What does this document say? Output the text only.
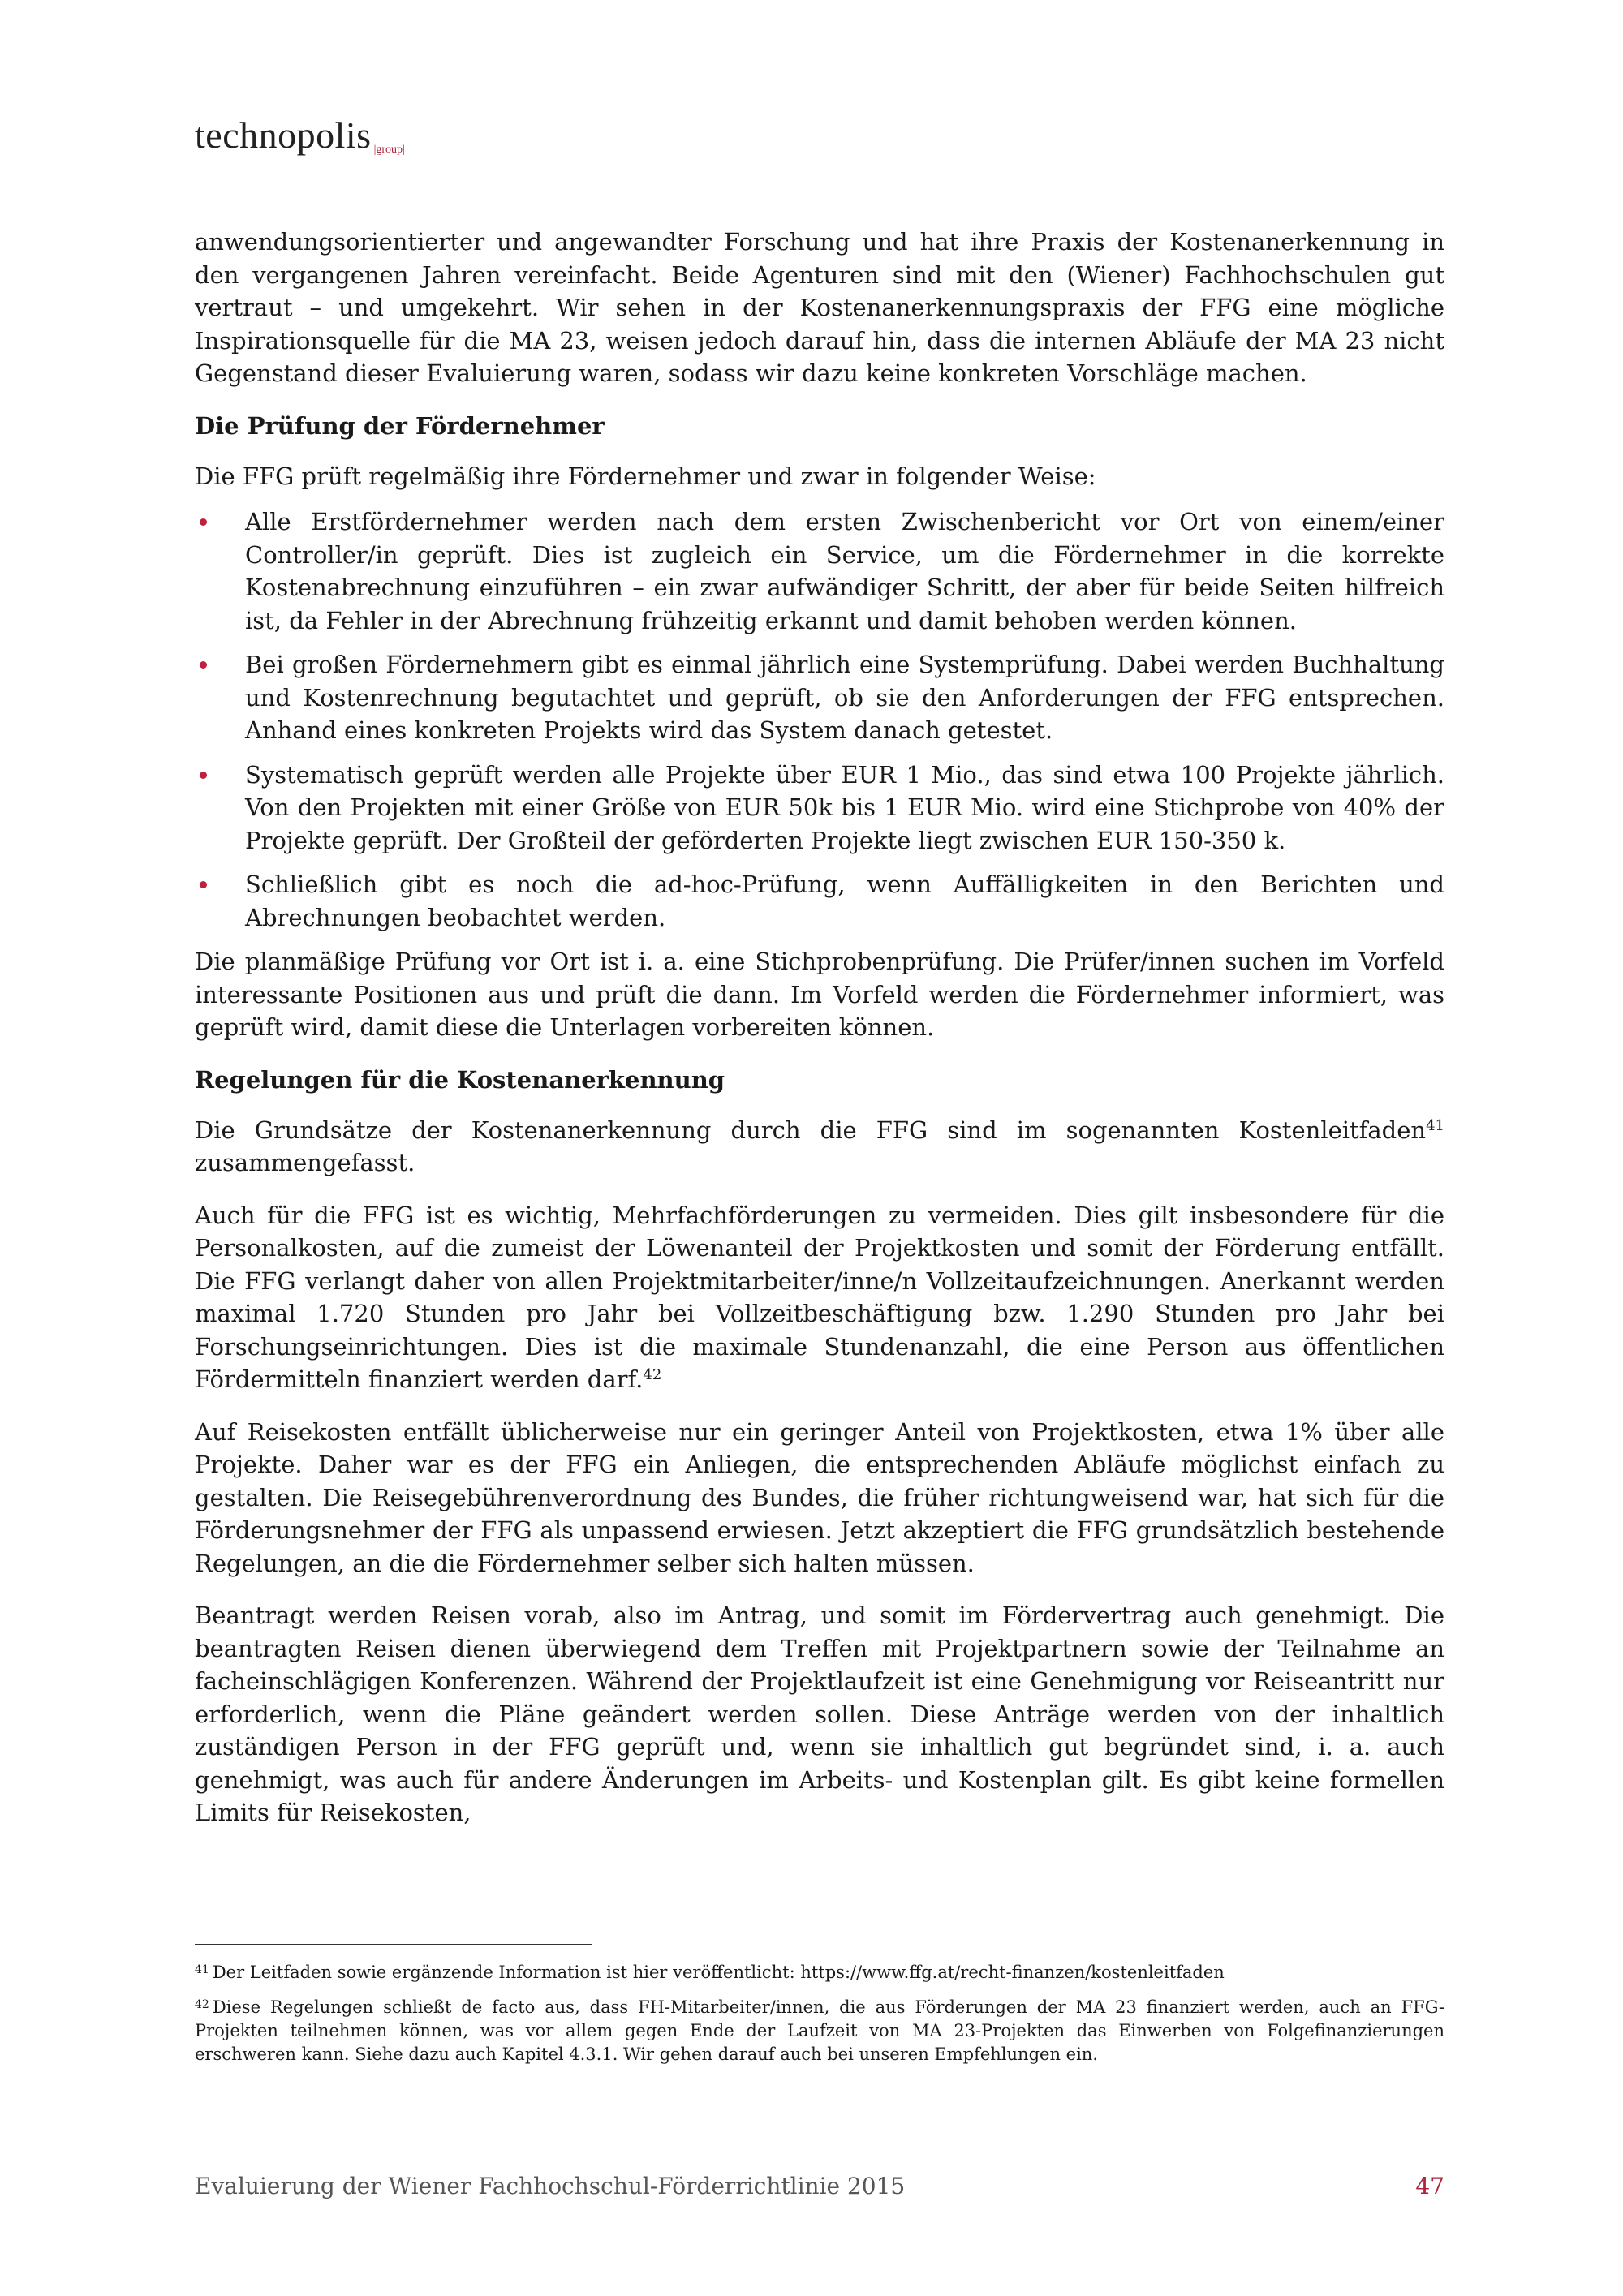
technopolis |group|

anwendungsorientierter und angewandter Forschung und hat ihre Praxis der Kostenanerkennung in den vergangenen Jahren vereinfacht. Beide Agenturen sind mit den (Wiener) Fachhochschulen gut vertraut – und umgekehrt. Wir sehen in der Kostenanerkennungspraxis der FFG eine mögliche Inspirationsquelle für die MA 23, weisen jedoch darauf hin, dass die internen Abläufe der MA 23 nicht Gegenstand dieser Evaluierung waren, sodass wir dazu keine konkreten Vorschläge machen.

Die Prüfung der Fördernehmer

Die FFG prüft regelmäßig ihre Fördernehmer und zwar in folgender Weise:

Alle Erstfördernehmer werden nach dem ersten Zwischenbericht vor Ort von einem/einer Controller/in geprüft. Dies ist zugleich ein Service, um die Fördernehmer in die korrekte Kostenabrechnung einzuführen – ein zwar aufwändiger Schritt, der aber für beide Seiten hilfreich ist, da Fehler in der Abrechnung frühzeitig erkannt und damit behoben werden können.
Bei großen Fördernehmern gibt es einmal jährlich eine Systemprüfung. Dabei werden Buchhaltung und Kostenrechnung begutachtet und geprüft, ob sie den Anforderungen der FFG entsprechen. Anhand eines konkreten Projekts wird das System danach getestet.
Systematisch geprüft werden alle Projekte über EUR 1 Mio., das sind etwa 100 Projekte jährlich. Von den Projekten mit einer Größe von EUR 50k bis 1 EUR Mio. wird eine Stichprobe von 40% der Projekte geprüft. Der Großteil der geförderten Projekte liegt zwischen EUR 150-350 k.
Schließlich gibt es noch die ad-hoc-Prüfung, wenn Auffälligkeiten in den Berichten und Abrechnungen beobachtet werden.

Die planmäßige Prüfung vor Ort ist i. a. eine Stichprobenprüfung. Die Prüfer/innen suchen im Vorfeld interessante Positionen aus und prüft die dann. Im Vorfeld werden die Fördernehmer informiert, was geprüft wird, damit diese die Unterlagen vorbereiten können.

Regelungen für die Kostenanerkennung

Die Grundsätze der Kostenanerkennung durch die FFG sind im sogenannten Kostenleitfaden$^{41}$ zusammengefasst.

Auch für die FFG ist es wichtig, Mehrfachförderungen zu vermeiden. Dies gilt insbesondere für die Personalkosten, auf die zumeist der Löwenanteil der Projektkosten und somit der Förderung entfällt. Die FFG verlangt daher von allen Projektmitarbeiter/inne/n Vollzeitaufzeichnungen. Anerkannt werden maximal 1.720 Stunden pro Jahr bei Vollzeitbeschäftigung bzw. 1.290 Stunden pro Jahr bei Forschungseinrichtungen. Dies ist die maximale Stundenanzahl, die eine Person aus öffentlichen Fördermitteln finanziert werden darf.$^{42}$

Auf Reisekosten entfällt üblicherweise nur ein geringer Anteil von Projektkosten, etwa 1% über alle Projekte. Daher war es der FFG ein Anliegen, die entsprechenden Abläufe möglichst einfach zu gestalten. Die Reisegebührenverordnung des Bundes, die früher richtungweisend war, hat sich für die Förderungsnehmer der FFG als unpassend erwiesen. Jetzt akzeptiert die FFG grundsätzlich bestehende Regelungen, an die die Fördernehmer selber sich halten müssen.

Beantragt werden Reisen vorab, also im Antrag, und somit im Fördervertrag auch genehmigt. Die beantragten Reisen dienen überwiegend dem Treffen mit Projektpartnern sowie der Teilnahme an facheinschlägigen Konferenzen. Während der Projektlaufzeit ist eine Genehmigung vor Reiseantritt nur erforderlich, wenn die Pläne geändert werden sollen. Diese Anträge werden von der inhaltlich zuständigen Person in der FFG geprüft und, wenn sie inhaltlich gut begründet sind, i. a. auch genehmigt, was auch für andere Änderungen im Arbeits- und Kostenplan gilt. Es gibt keine formellen Limits für Reisekosten,

$^{41}$ Der Leitfaden sowie ergänzende Information ist hier veröffentlicht: https://www.ffg.at/recht-finanzen/kostenleitfaden

$^{42}$ Diese Regelungen schließt de facto aus, dass FH-Mitarbeiter/innen, die aus Förderungen der MA 23 finanziert werden, auch an FFG-Projekten teilnehmen können, was vor allem gegen Ende der Laufzeit von MA 23-Projekten das Einwerben von Folgefinanzierungen erschweren kann. Siehe dazu auch Kapitel 4.3.1. Wir gehen darauf auch bei unseren Empfehlungen ein.

Evaluierung der Wiener Fachhochschul-Förderrichtlinie 2015	47
